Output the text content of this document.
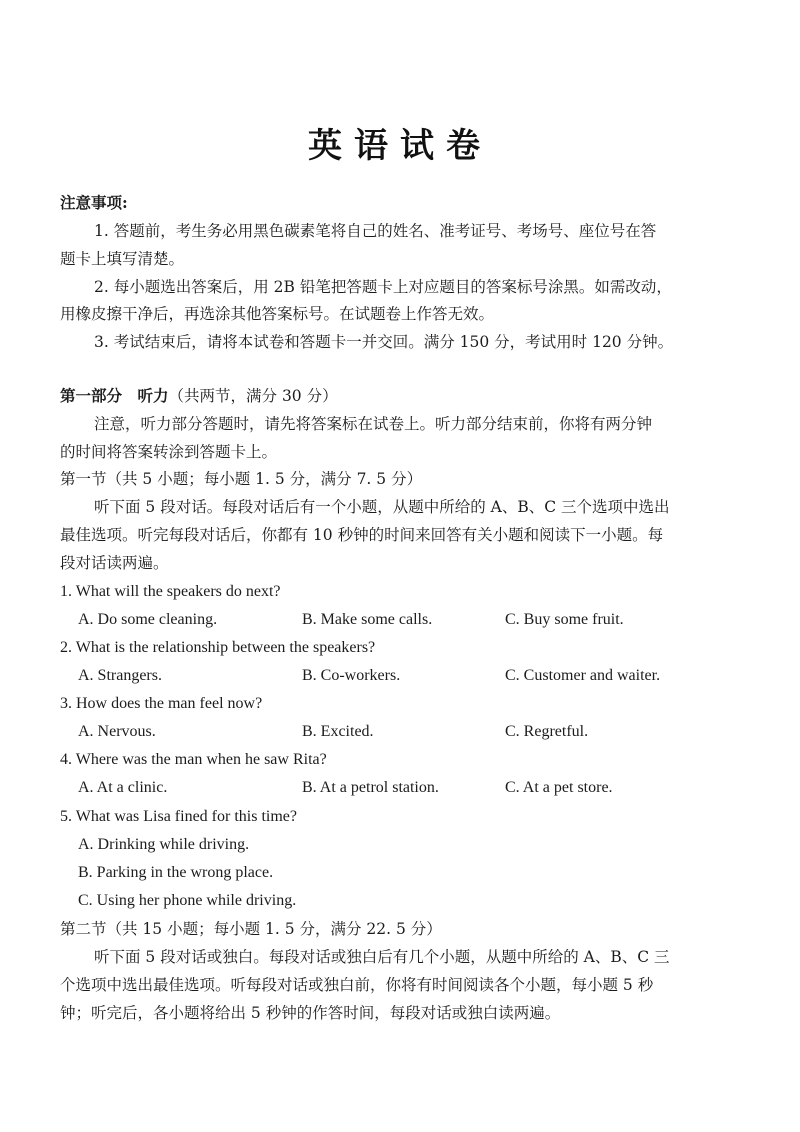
英语试卷
注意事项:
1. 答题前，考生务必用黑色碳素笔将自己的姓名、准考证号、考场号、座位号在答
题卡上填写清楚。
2. 每小题选出答案后，用 2B 铅笔把答题卡上对应题目的答案标号涂黑。如需改动，
用橡皮擦干净后，再选涂其他答案标号。在试题卷上作答无效。
3. 考试结束后，请将本试卷和答题卡一并交回。满分 150 分，考试用时 120 分钟。
第一部分　听力（共两节，满分 30 分）
注意，听力部分答题时，请先将答案标在试卷上。听力部分结束前，你将有两分钟
的时间将答案转涂到答题卡上。
第一节（共 5 小题；每小题 1. 5 分，满分 7. 5 分）
听下面 5 段对话。每段对话后有一个小题，从题中所给的 A、B、C 三个选项中选出
最佳选项。听完每段对话后，你都有 10 秒钟的时间来回答有关小题和阅读下一小题。每
段对话读两遍。
1. What will the speakers do next?
A. Do some cleaning.	B. Make some calls.	C. Buy some fruit.
2. What is the relationship between the speakers?
A. Strangers.	B. Co-workers.	C. Customer and waiter.
3. How does the man feel now?
A. Nervous.	B. Excited.	C. Regretful.
4. Where was the man when he saw Rita?
A. At a clinic.	B. At a petrol station.	C. At a pet store.
5. What was Lisa fined for this time?
A. Drinking while driving.
B. Parking in the wrong place.
C. Using her phone while driving.
第二节（共 15 小题；每小题 1. 5 分，满分 22. 5 分）
听下面 5 段对话或独白。每段对话或独白后有几个小题，从题中所给的 A、B、C 三
个选项中选出最佳选项。听每段对话或独白前，你将有时间阅读各个小题，每小题 5 秒
钟；听完后，各小题将给出 5 秒钟的作答时间，每段对话或独白读两遍。
